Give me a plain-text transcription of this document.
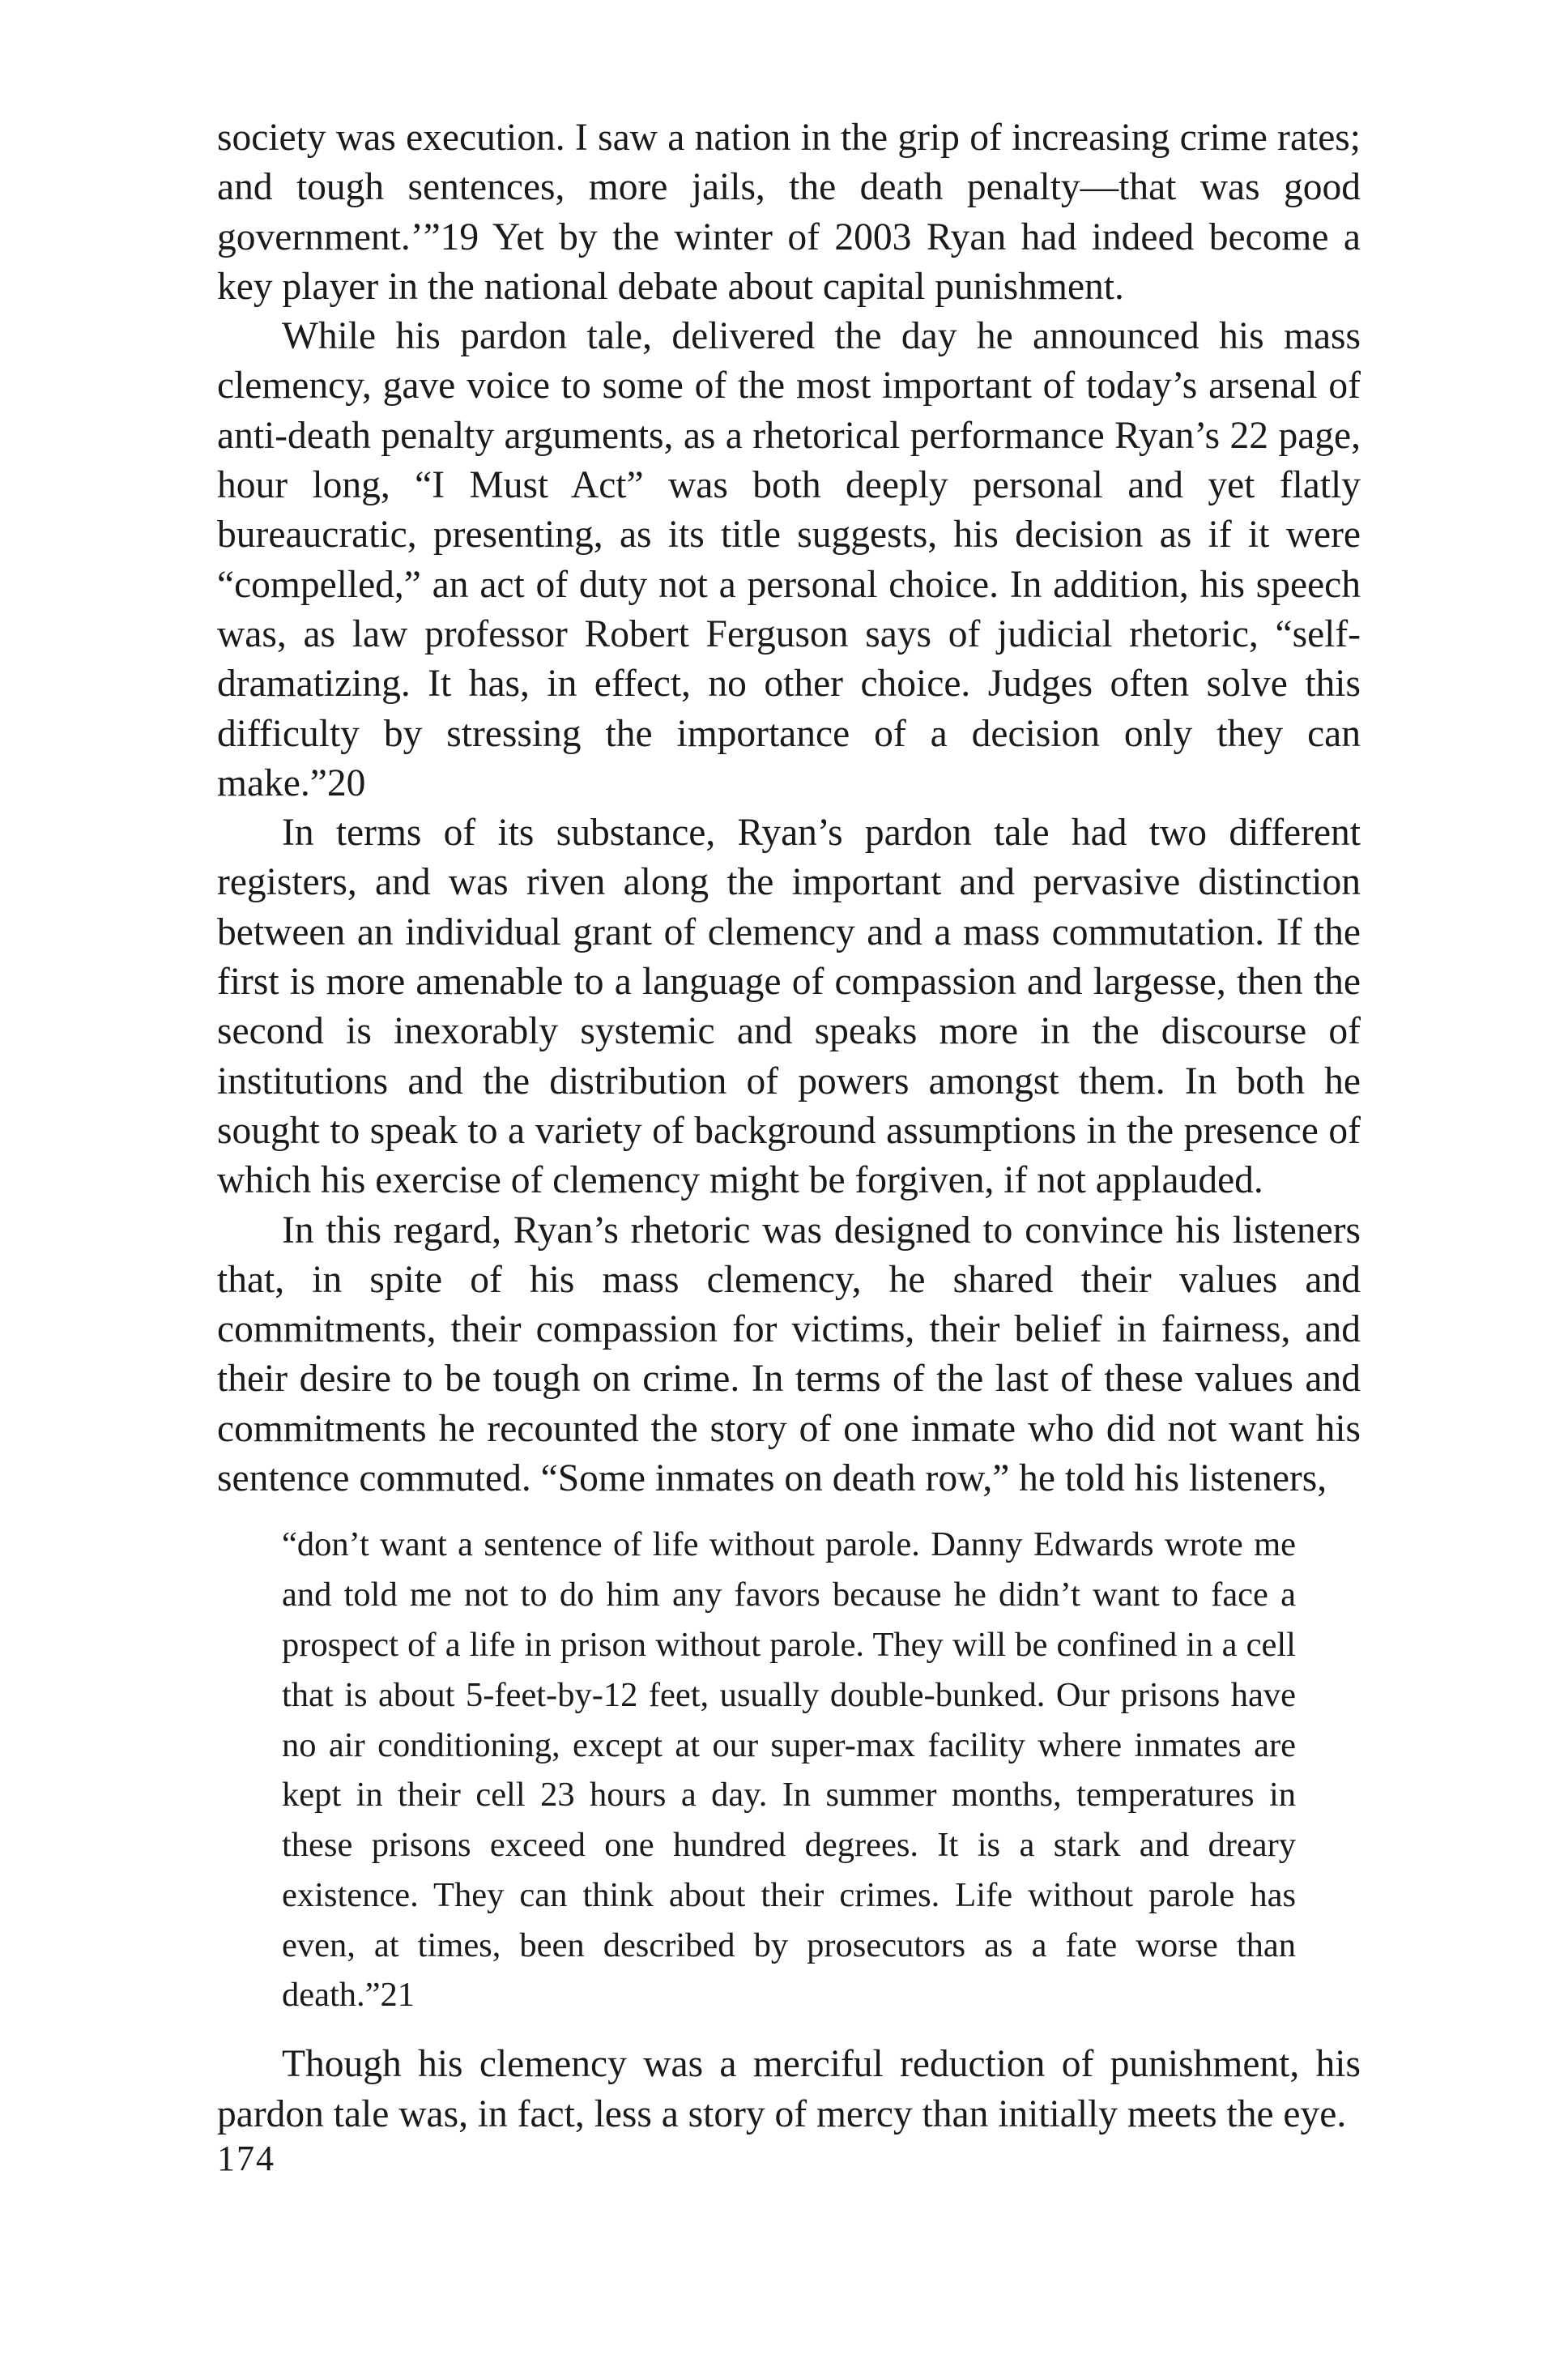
society was execution. I saw a nation in the grip of increasing crime rates; and tough sentences, more jails, the death penalty—that was good government.’”19 Yet by the winter of 2003 Ryan had indeed become a key player in the national debate about capital punishment.

While his pardon tale, delivered the day he announced his mass clemency, gave voice to some of the most important of today’s arsenal of anti-death penalty arguments, as a rhetorical performance Ryan’s 22 page, hour long, “I Must Act” was both deeply personal and yet flatly bureaucratic, presenting, as its title suggests, his decision as if it were “compelled,” an act of duty not a personal choice. In addition, his speech was, as law professor Robert Ferguson says of judicial rhetoric, “self-dramatizing. It has, in effect, no other choice. Judges often solve this difficulty by stressing the importance of a decision only they can make.”20

In terms of its substance, Ryan’s pardon tale had two different registers, and was riven along the important and pervasive distinction between an individual grant of clemency and a mass commutation. If the first is more amenable to a language of compassion and largesse, then the second is inexorably systemic and speaks more in the discourse of institutions and the distribution of powers amongst them. In both he sought to speak to a variety of background assumptions in the presence of which his exercise of clemency might be forgiven, if not applauded.

In this regard, Ryan’s rhetoric was designed to convince his listeners that, in spite of his mass clemency, he shared their values and commitments, their compassion for victims, their belief in fairness, and their desire to be tough on crime. In terms of the last of these values and commitments he recounted the story of one inmate who did not want his sentence commuted. “Some inmates on death row,” he told his listeners,

“don’t want a sentence of life without parole. Danny Edwards wrote me and told me not to do him any favors because he didn’t want to face a prospect of a life in prison without parole. They will be confined in a cell that is about 5-feet-by-12 feet, usually double-bunked. Our prisons have no air conditioning, except at our super-max facility where inmates are kept in their cell 23 hours a day. In summer months, temperatures in these prisons exceed one hundred degrees. It is a stark and dreary existence. They can think about their crimes. Life without parole has even, at times, been described by prosecutors as a fate worse than death.”21

Though his clemency was a merciful reduction of punishment, his pardon tale was, in fact, less a story of mercy than initially meets the eye.

174
